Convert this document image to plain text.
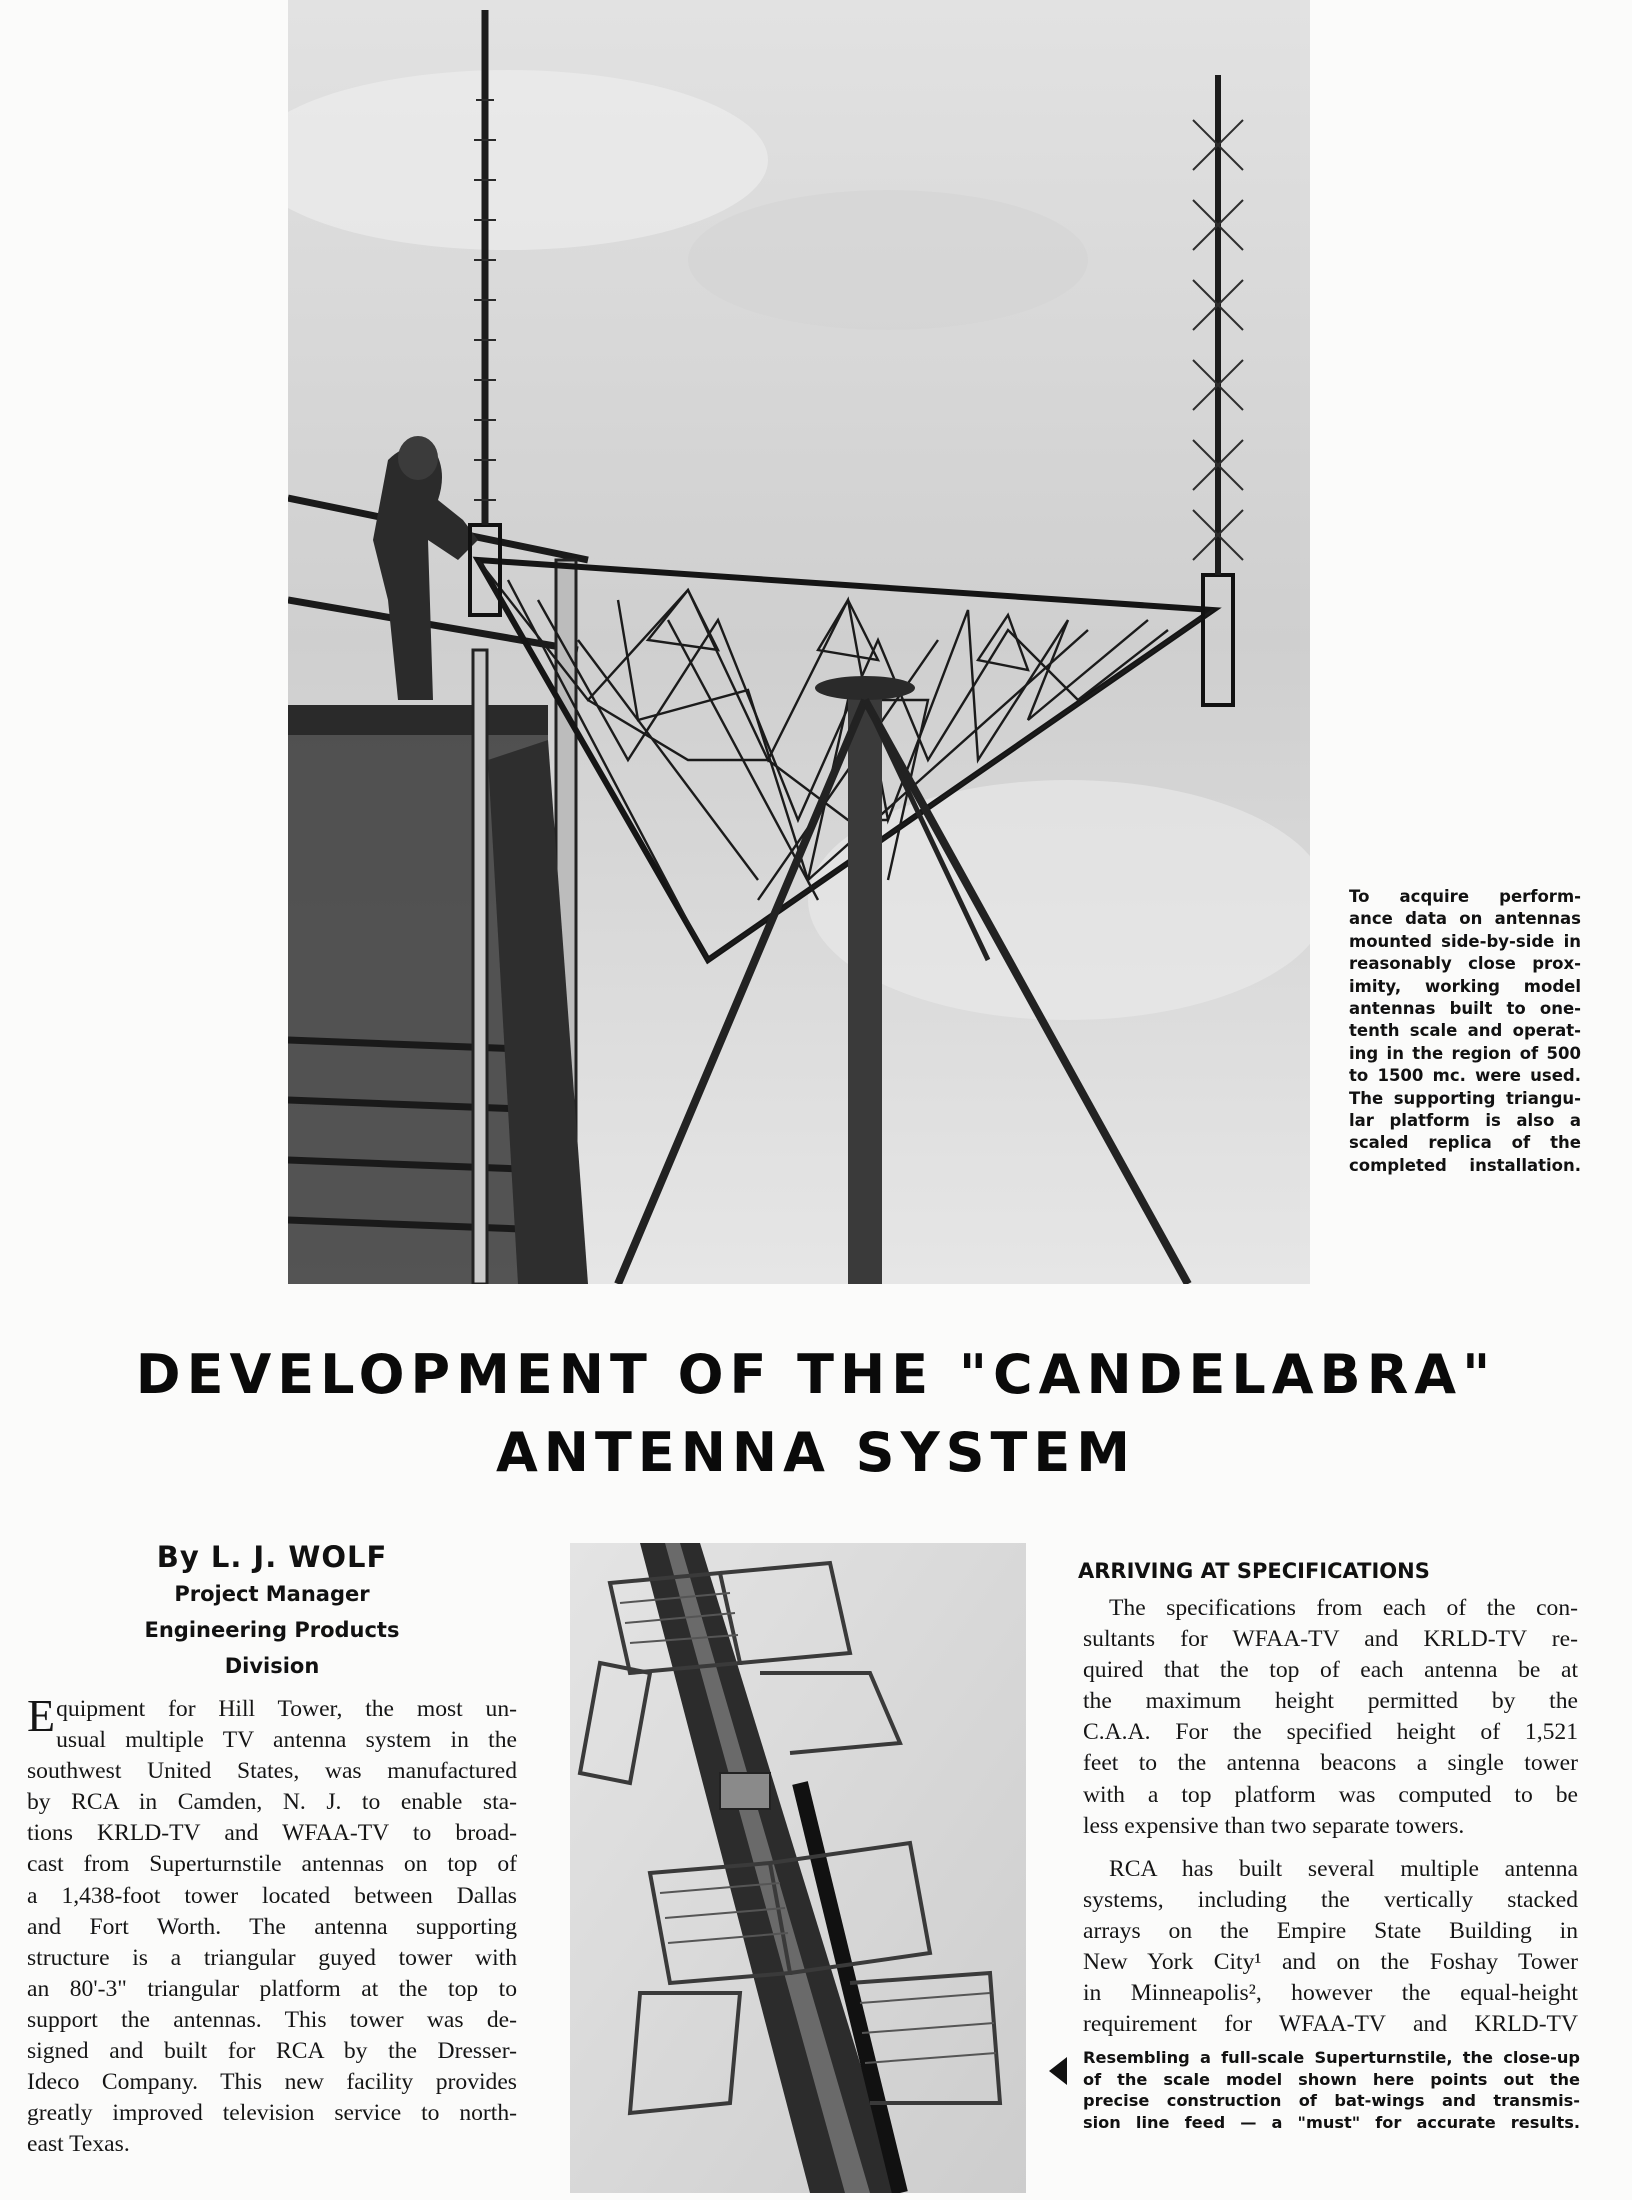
To acquire perform-
ance data on antennas
mounted side-by-side in
reasonably close prox-
imity, working model
antennas built to one-
tenth scale and operat-
ing in the region of 500
to 1500 mc. were used.
The supporting triangu-
lar platform is also a
scaled replica of the
completed installation.
DEVELOPMENT OF THE "CANDELABRA"
ANTENNA SYSTEM
By L. J. WOLF
Project Manager
Engineering Products Division
Equipment for Hill Tower, the most un-
usual multiple TV antenna system in the
southwest United States, was manufactured
by RCA in Camden, N. J. to enable sta-
tions KRLD-TV and WFAA-TV to broad-
cast from Superturnstile antennas on top of
a 1,438-foot tower located between Dallas
and Fort Worth. The antenna supporting
structure is a triangular guyed tower with
an 80'-3" triangular platform at the top to
support the antennas. This tower was de-
signed and built for RCA by the Dresser-
Ideco Company. This new facility provides
greatly improved television service to north-
east Texas.
ARRIVING AT SPECIFICATIONS
The specifications from each of the con-
sultants for WFAA-TV and KRLD-TV re-
quired that the top of each antenna be at
the maximum height permitted by the
C.A.A. For the specified height of 1,521
feet to the antenna beacons a single tower
with a top platform was computed to be
less expensive than two separate towers.
RCA has built several multiple antenna
systems, including the vertically stacked
arrays on the Empire State Building in
New York City¹ and on the Foshay Tower
in Minneapolis², however the equal-height
requirement for WFAA-TV and KRLD-TV
Resembling a full-scale Superturnstile, the close-up
of the scale model shown here points out the
precise construction of bat-wings and transmis-
sion line feed — a "must" for accurate results.
